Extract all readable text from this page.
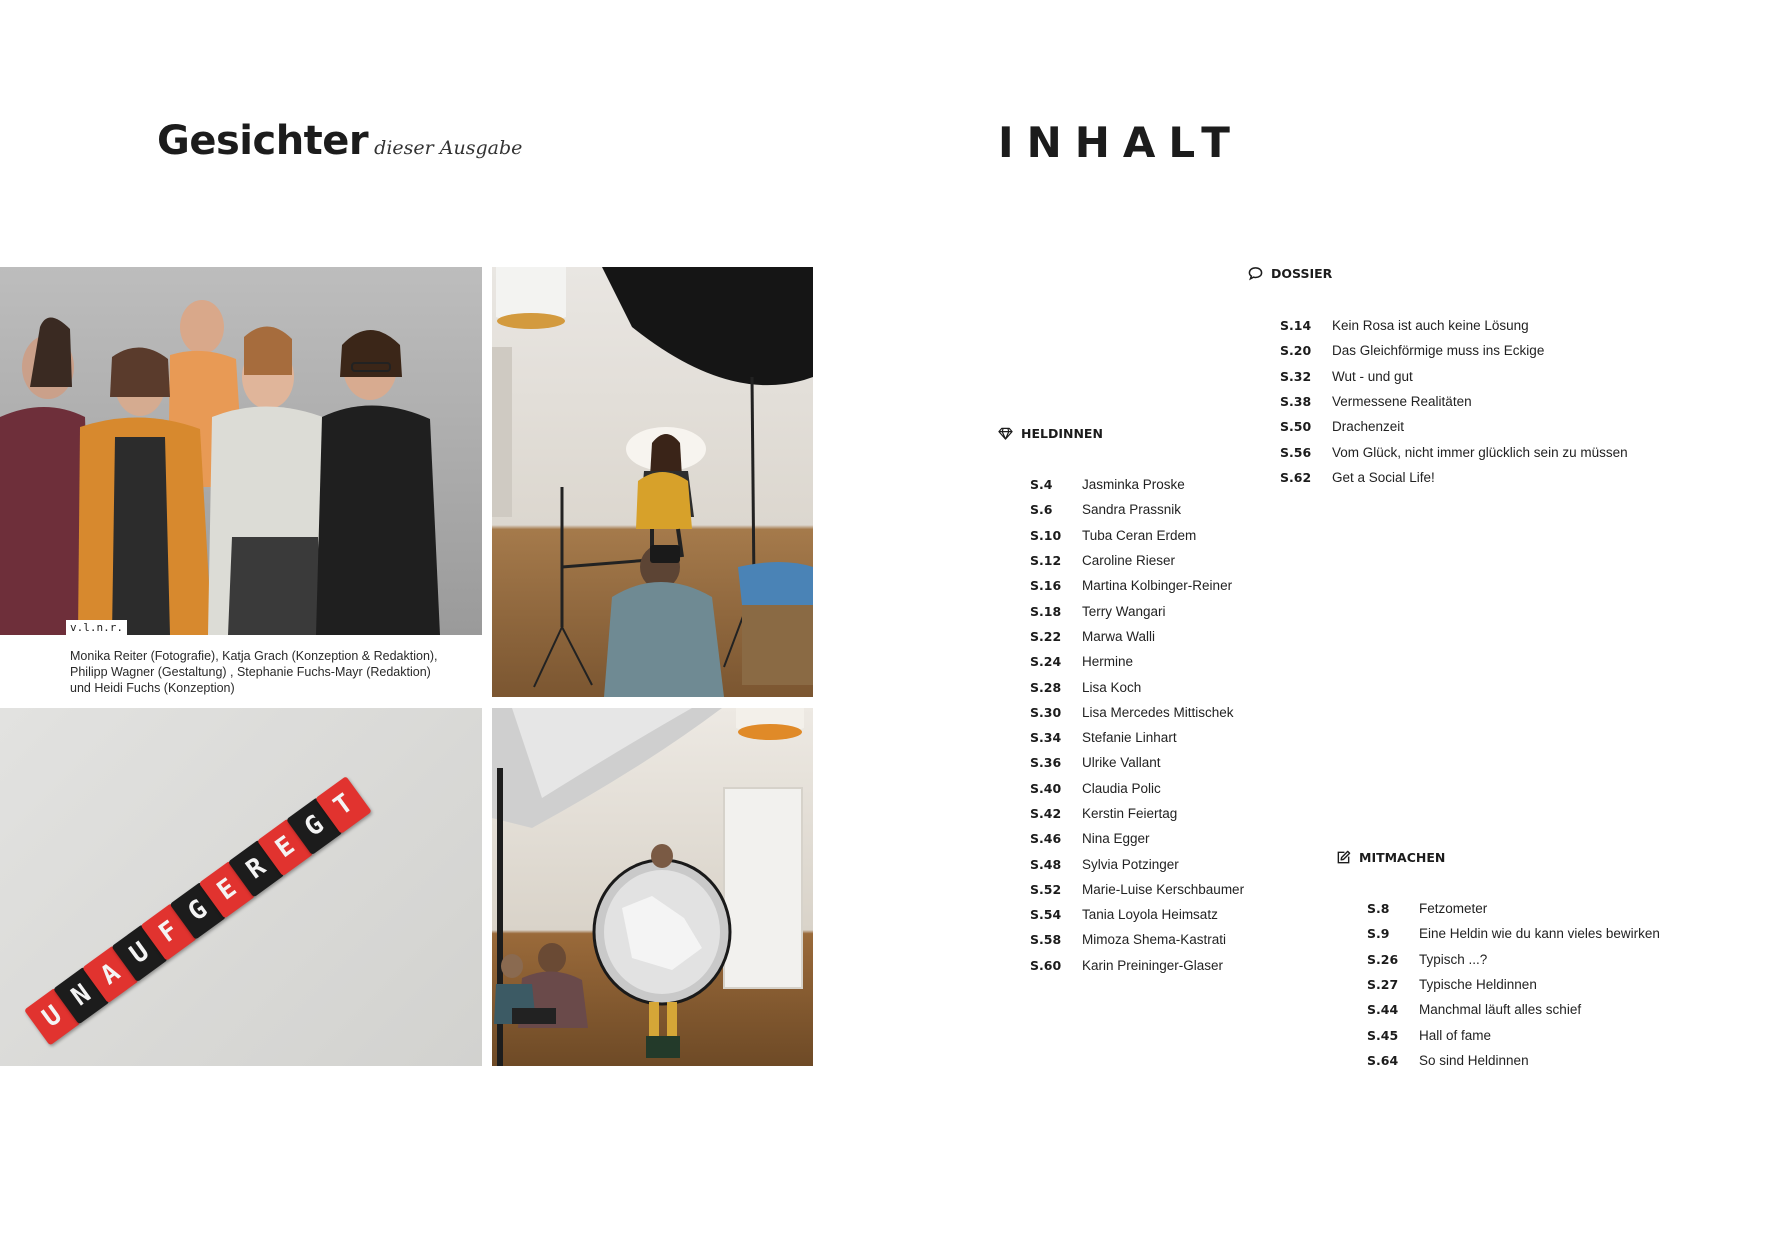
Gesichter dieser Ausgabe
v.l.n.r.
Monika Reiter (Fotografie), Katja Grach (Konzeption & Redaktion),
Philipp Wagner (Gestaltung) , Stephanie Fuchs-Mayr (Redaktion)
und Heidi Fuchs (Konzeption)
U
N
A
U
F
G
E
R
E
G
T
INHALT
DOSSIER
S.14	Kein Rosa ist auch keine Lösung
S.20	Das Gleichförmige muss ins Eckige
S.32	Wut - und gut
S.38	Vermessene Realitäten
S.50	Drachenzeit
S.56	Vom Glück, nicht immer glücklich sein zu müssen
S.62	Get a Social Life!
HELDINNEN
S.4	Jasminka Proske
S.6	Sandra Prassnik
S.10	Tuba Ceran Erdem
S.12	Caroline Rieser
S.16	Martina Kolbinger-Reiner
S.18	Terry Wangari
S.22	Marwa Walli
S.24	Hermine
S.28	Lisa Koch
S.30	Lisa Mercedes Mittischek
S.34	Stefanie Linhart
S.36	Ulrike Vallant
S.40	Claudia Polic
S.42	Kerstin Feiertag
S.46	Nina Egger
S.48	Sylvia Potzinger
S.52	Marie-Luise Kerschbaumer
S.54	Tania Loyola Heimsatz
S.58	Mimoza Shema-Kastrati
S.60	Karin Preininger-Glaser
MITMACHEN
S.8	Fetzometer
S.9	Eine Heldin wie du kann vieles bewirken
S.26	Typisch ...?
S.27	Typische Heldinnen
S.44	Manchmal läuft alles schief
S.45	Hall of fame
S.64	So sind Heldinnen
